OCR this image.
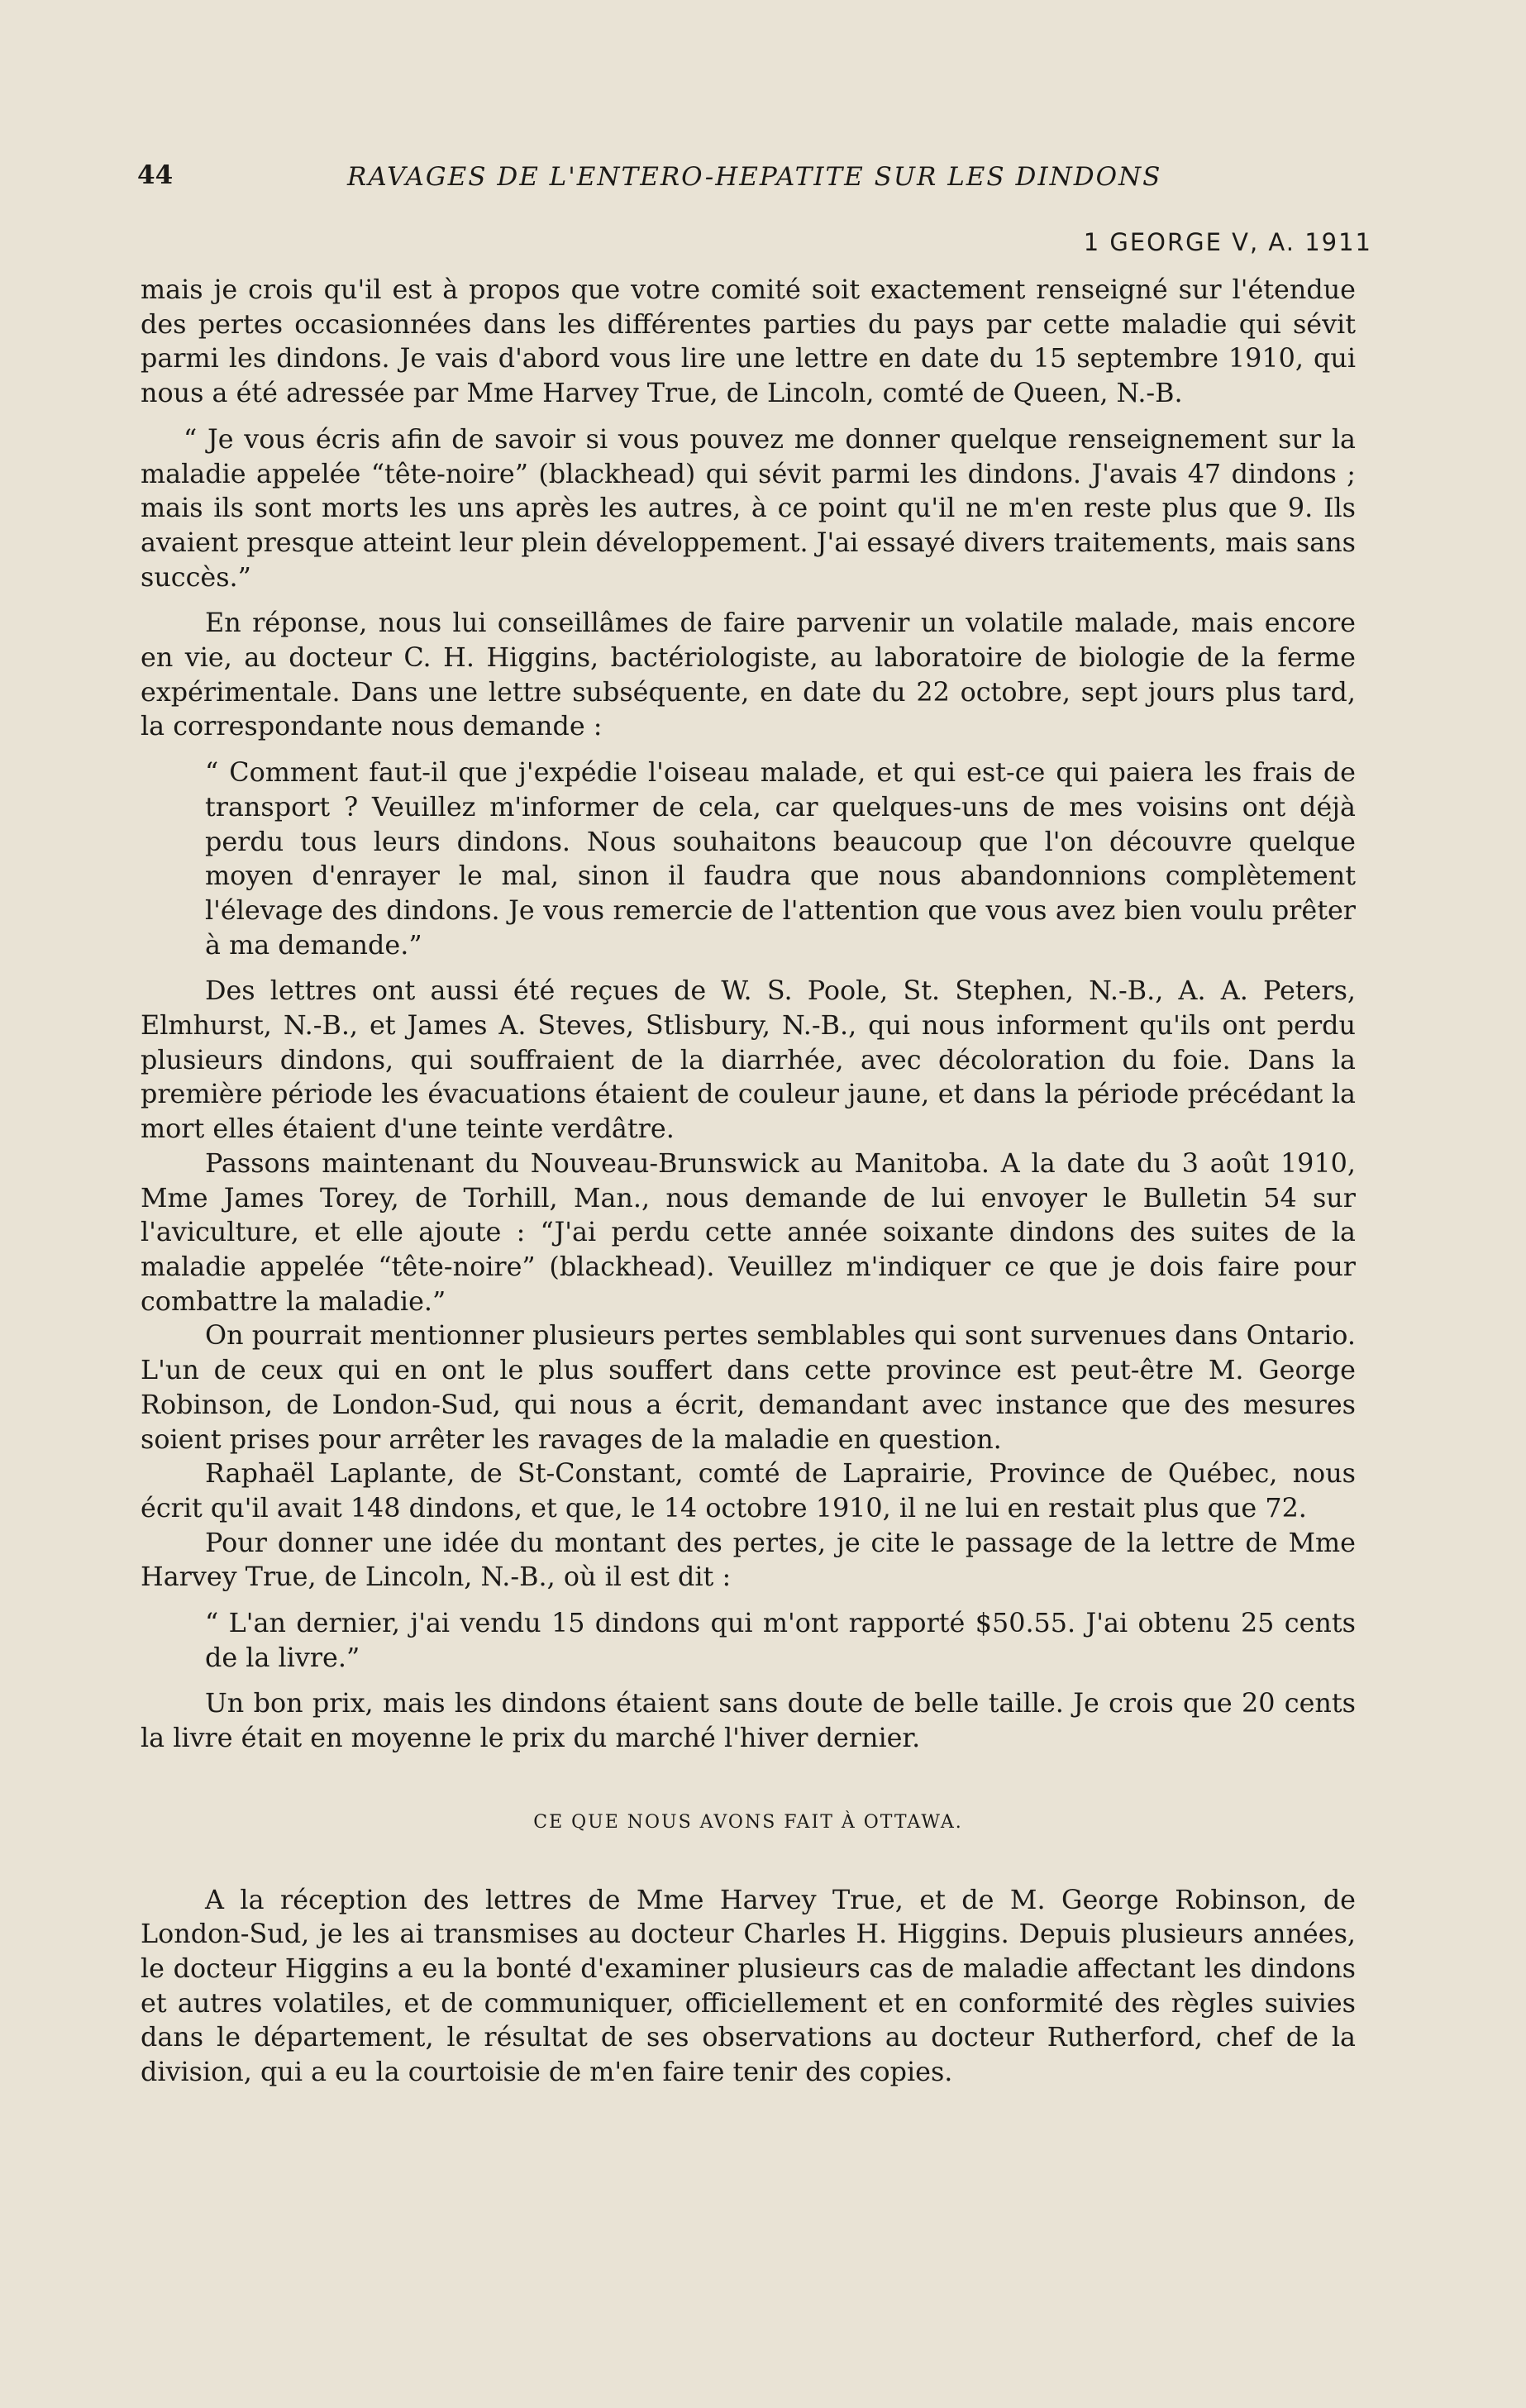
44	RAVAGES DE L'ENTERO-HEPATITE SUR LES DINDONS
1 GEORGE V, A. 1911

mais je crois qu'il est à propos que votre comité soit exactement renseigné sur l'étendue des pertes occasionnées dans les différentes parties du pays par cette maladie qui sévit parmi les dindons. Je vais d'abord vous lire une lettre en date du 15 septembre 1910, qui nous a été adressée par Mme Harvey True, de Lincoln, comté de Queen, N.-B.

“ Je vous écris afin de savoir si vous pouvez me donner quelque renseignement sur la maladie appelée “tête-noire” (blackhead) qui sévit parmi les dindons. J'avais 47 dindons ; mais ils sont morts les uns après les autres, à ce point qu'il ne m'en reste plus que 9. Ils avaient presque atteint leur plein développement. J'ai essayé divers traitements, mais sans succès.”

En réponse, nous lui conseillâmes de faire parvenir un volatile malade, mais encore en vie, au docteur C. H. Higgins, bactériologiste, au laboratoire de biologie de la ferme expérimentale. Dans une lettre subséquente, en date du 22 octobre, sept jours plus tard, la correspondante nous demande :

“ Comment faut-il que j'expédie l'oiseau malade, et qui est-ce qui paiera les frais de transport ? Veuillez m'informer de cela, car quelques-uns de mes voisins ont déjà perdu tous leurs dindons. Nous souhaitons beaucoup que l'on découvre quelque moyen d'enrayer le mal, sinon il faudra que nous abandonnions complètement l'élevage des dindons. Je vous remercie de l'attention que vous avez bien voulu prêter à ma demande.”

Des lettres ont aussi été reçues de W. S. Poole, St. Stephen, N.-B., A. A. Peters, Elmhurst, N.-B., et James A. Steves, Stlisbury, N.-B., qui nous informent qu'ils ont perdu plusieurs dindons, qui souffraient de la diarrhée, avec décoloration du foie. Dans la première période les évacuations étaient de couleur jaune, et dans la période précédant la mort elles étaient d'une teinte verdâtre.

Passons maintenant du Nouveau-Brunswick au Manitoba. A la date du 3 août 1910, Mme James Torey, de Torhill, Man., nous demande de lui envoyer le Bulletin 54 sur l'aviculture, et elle ajoute : “J'ai perdu cette année soixante dindons des suites de la maladie appelée “tête-noire” (blackhead). Veuillez m'indiquer ce que je dois faire pour combattre la maladie.”

On pourrait mentionner plusieurs pertes semblables qui sont survenues dans Ontario. L'un de ceux qui en ont le plus souffert dans cette province est peut-être M. George Robinson, de London-Sud, qui nous a écrit, demandant avec instance que des mesures soient prises pour arrêter les ravages de la maladie en question.

Raphaël Laplante, de St-Constant, comté de Laprairie, Province de Québec, nous écrit qu'il avait 148 dindons, et que, le 14 octobre 1910, il ne lui en restait plus que 72.

Pour donner une idée du montant des pertes, je cite le passage de la lettre de Mme Harvey True, de Lincoln, N.-B., où il est dit :

“ L'an dernier, j'ai vendu 15 dindons qui m'ont rapporté $50.55. J'ai obtenu 25 cents de la livre.”

Un bon prix, mais les dindons étaient sans doute de belle taille. Je crois que 20 cents la livre était en moyenne le prix du marché l'hiver dernier.

CE QUE NOUS AVONS FAIT À OTTAWA.

A la réception des lettres de Mme Harvey True, et de M. George Robinson, de London-Sud, je les ai transmises au docteur Charles H. Higgins. Depuis plusieurs années, le docteur Higgins a eu la bonté d'examiner plusieurs cas de maladie affectant les dindons et autres volatiles, et de communiquer, officiellement et en conformité des règles suivies dans le département, le résultat de ses observations au docteur Rutherford, chef de la division, qui a eu la courtoisie de m'en faire tenir des copies.
